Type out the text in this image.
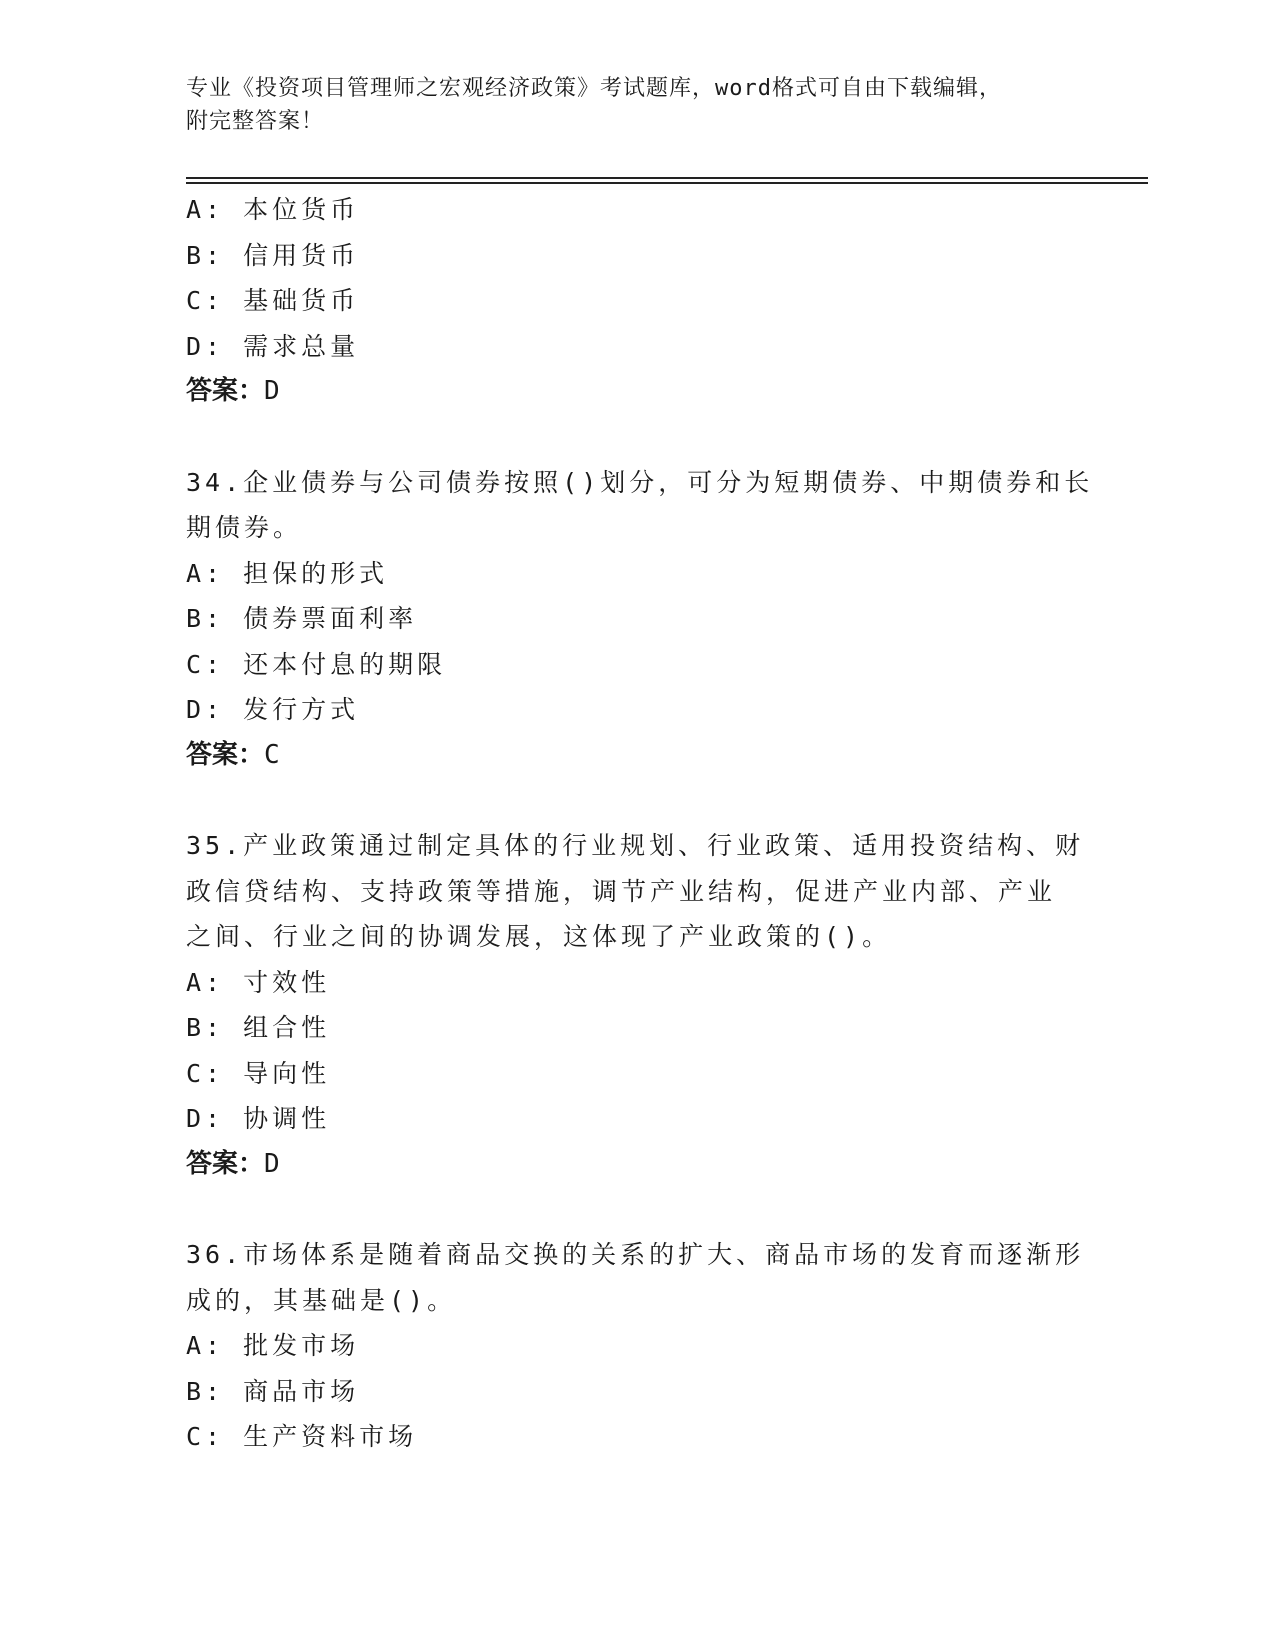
专业《投资项目管理师之宏观经济政策》考试题库，word格式可自由下载编辑，
附完整答案！
A: 本位货币
B: 信用货币
C: 基础货币
D: 需求总量
答案：D
34.企业债券与公司债券按照()划分，可分为短期债券、中期债券和长
期债券。
A: 担保的形式
B: 债券票面利率
C: 还本付息的期限
D: 发行方式
答案：C
35.产业政策通过制定具体的行业规划、行业政策、适用投资结构、财
政信贷结构、支持政策等措施，调节产业结构，促进产业内部、产业
之间、行业之间的协调发展，这体现了产业政策的()。
A: 寸效性
B: 组合性
C: 导向性
D: 协调性
答案：D
36.市场体系是随着商品交换的关系的扩大、商品市场的发育而逐渐形
成的，其基础是()。
A: 批发市场
B: 商品市场
C: 生产资料市场
